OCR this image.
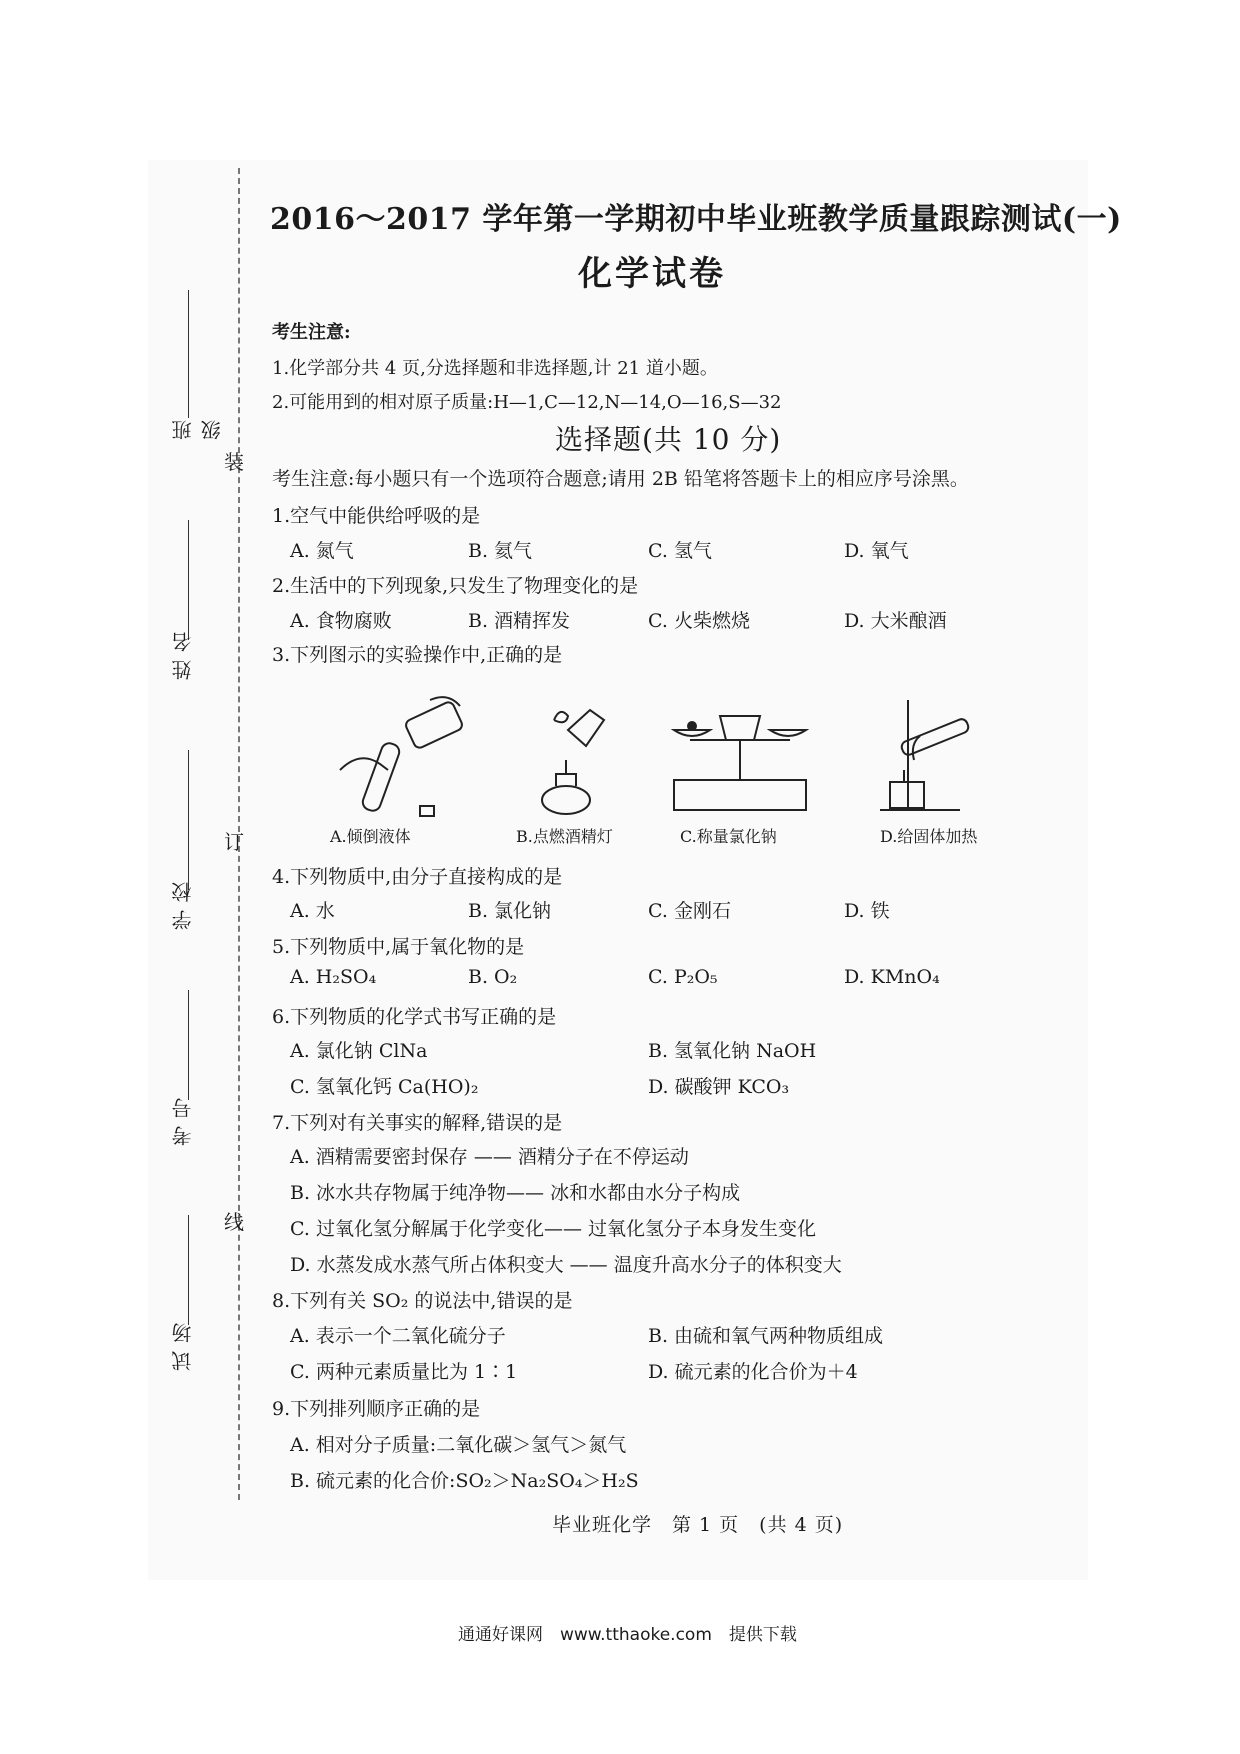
装
订
线
班级
姓名
学校
考号
试场
2016～2017 学年第一学期初中毕业班教学质量跟踪测试(一)
化学试卷
考生注意:
1.化学部分共 4 页,分选择题和非选择题,计 21 道小题。
2.可能用到的相对原子质量:H—1,C—12,N—14,O—16,S—32
选择题(共 10 分)
考生注意:每小题只有一个选项符合题意;请用 2B 铅笔将答题卡上的相应序号涂黑。
1.空气中能供给呼吸的是
A. 氮气	B. 氦气	C. 氢气	D. 氧气
2.生活中的下列现象,只发生了物理变化的是
A. 食物腐败	B. 酒精挥发	C. 火柴燃烧	D. 大米酿酒
3.下列图示的实验操作中,正确的是
A.倾倒液体	B.点燃酒精灯	C.称量氯化钠	D.给固体加热
4.下列物质中,由分子直接构成的是
A. 水	B. 氯化钠	C. 金刚石	D. 铁
5.下列物质中,属于氧化物的是
A. H₂SO₄	B. O₂	C. P₂O₅	D. KMnO₄
6.下列物质的化学式书写正确的是
A. 氯化钠 ClNa	B. 氢氧化钠 NaOH
C. 氢氧化钙 Ca(HO)₂	D. 碳酸钾 KCO₃
7.下列对有关事实的解释,错误的是
A. 酒精需要密封保存 —— 酒精分子在不停运动
B. 冰水共存物属于纯净物—— 冰和水都由水分子构成
C. 过氧化氢分解属于化学变化—— 过氧化氢分子本身发生变化
D. 水蒸发成水蒸气所占体积变大 —— 温度升高水分子的体积变大
8.下列有关 SO₂ 的说法中,错误的是
A. 表示一个二氧化硫分子	B. 由硫和氧气两种物质组成
C. 两种元素质量比为 1∶1	D. 硫元素的化合价为＋4
9.下列排列顺序正确的是
A. 相对分子质量:二氧化碳＞氢气＞氮气
B. 硫元素的化合价:SO₂＞Na₂SO₄＞H₂S
毕业班化学　第 1 页　(共 4 页)
通通好课网　www.tthaoke.com　提供下载
